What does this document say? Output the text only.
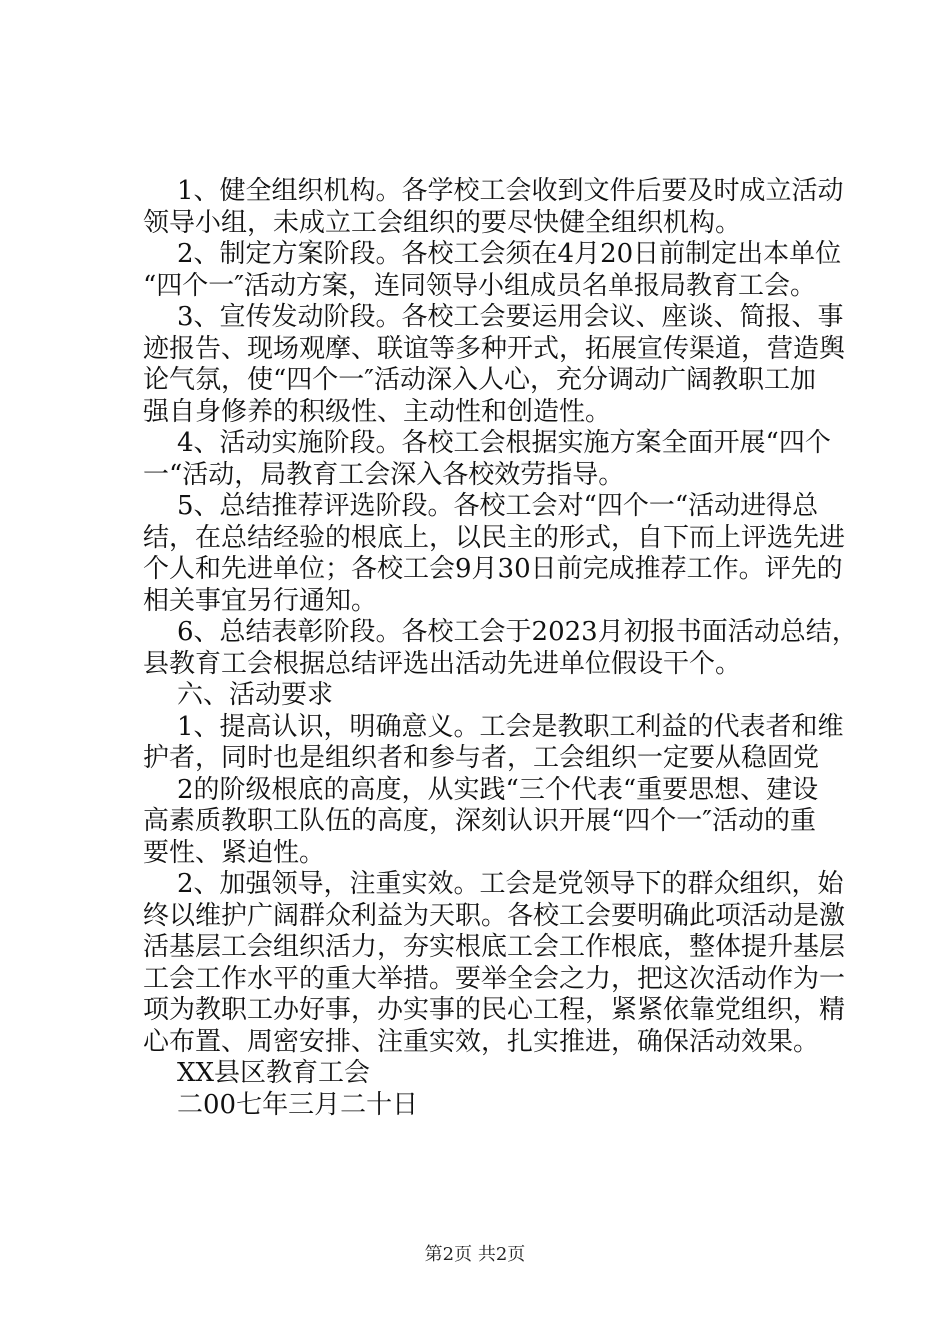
1、健全组织机构。各学校工会收到文件后要及时成立活动
领导小组，未成立工会组织的要尽快健全组织机构。
2、制定方案阶段。各校工会须在4月20日前制定出本单位
“四个一″活动方案，连同领导小组成员名单报局教育工会。
3、宣传发动阶段。各校工会要运用会议、座谈、简报、事
迹报告、现场观摩、联谊等多种开式，拓展宣传渠道，营造舆
论气氛，使“四个一″活动深入人心，充分调动广阔教职工加
强自身修养的积级性、主动性和创造性。
4、活动实施阶段。各校工会根据实施方案全面开展“四个
一“活动，局教育工会深入各校效劳指导。
5、总结推荐评选阶段。各校工会对“四个一“活动进得总
结，在总结经验的根底上，以民主的形式，自下而上评选先进
个人和先进单位；各校工会9月30日前完成推荐工作。评先的
相关事宜另行通知。
6、总结表彰阶段。各校工会于2023月初报书面活动总结，
县教育工会根据总结评选出活动先进单位假设干个。
六、活动要求
1、提高认识，明确意义。工会是教职工利益的代表者和维
护者，同时也是组织者和参与者，工会组织一定要从稳固党
2的阶级根底的高度，从实践“三个代表“重要思想、建设
高素质教职工队伍的高度，深刻认识开展“四个一″活动的重
要性、紧迫性。
2、加强领导，注重实效。工会是党领导下的群众组织，始
终以维护广阔群众利益为天职。各校工会要明确此项活动是激
活基层工会组织活力，夯实根底工会工作根底，整体提升基层
工会工作水平的重大举措。要举全会之力，把这次活动作为一
项为教职工办好事，办实事的民心工程，紧紧依靠党组织，精
心布置、周密安排、注重实效，扎实推进，确保活动效果。
XX县区教育工会
二00七年三月二十日
第2页 共2页
